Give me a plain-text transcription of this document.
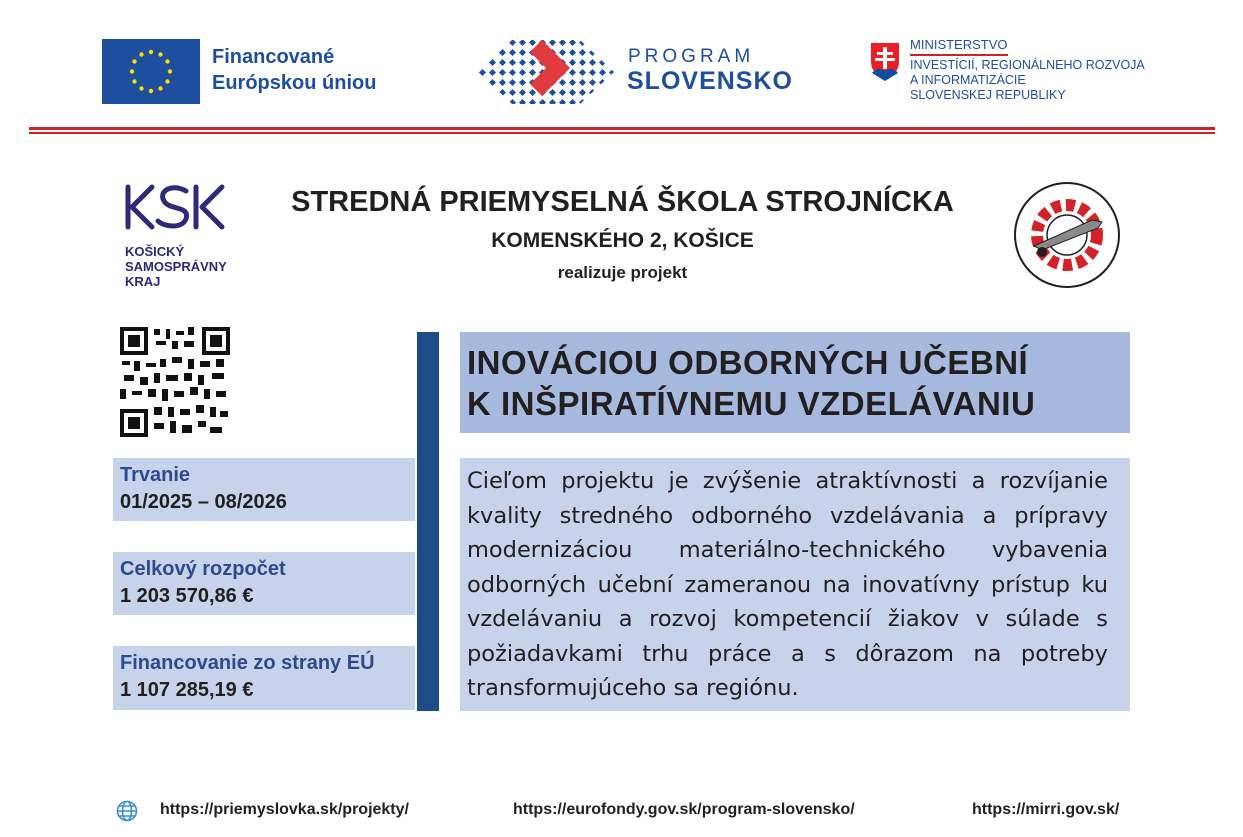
Financované
Európskou úniou
PROGRAM
SLOVENSKO
MINISTERSTVO
INVESTÍCIÍ, REGIONÁLNEHO ROZVOJA
A INFORMATIZÁCIE
SLOVENSKEJ REPUBLIKY
KOŠICKÝ
SAMOSPRÁVNY
KRAJ
STREDNÁ PRIEMYSELNÁ ŠKOLA STROJNÍCKA
KOMENSKÉHO 2, KOŠICE
realizuje projekt
Trvanie
01/2025 – 08/2026
Celkový rozpočet
1 203 570,86 €
Financovanie zo strany EÚ
1 107 285,19 €
INOVÁCIOU ODBORNÝCH UČEBNÍ
K INŠPIRATÍVNEMU VZDELÁVANIU
Cieľom projektu je zvýšenie atraktívnosti a rozvíjanie kvality stredného odborného vzdelávania a prípravy modernizáciou materiálno-technického vybavenia odborných učební zameranou na inovatívny prístup ku vzdelávaniu a rozvoj kompetencií žiakov v súlade s požiadavkami trhu práce a s dôrazom na potreby transformujúceho sa regiónu.
https://priemyslovka.sk/projekty/	https://eurofondy.gov.sk/program-slovensko/	https://mirri.gov.sk/
